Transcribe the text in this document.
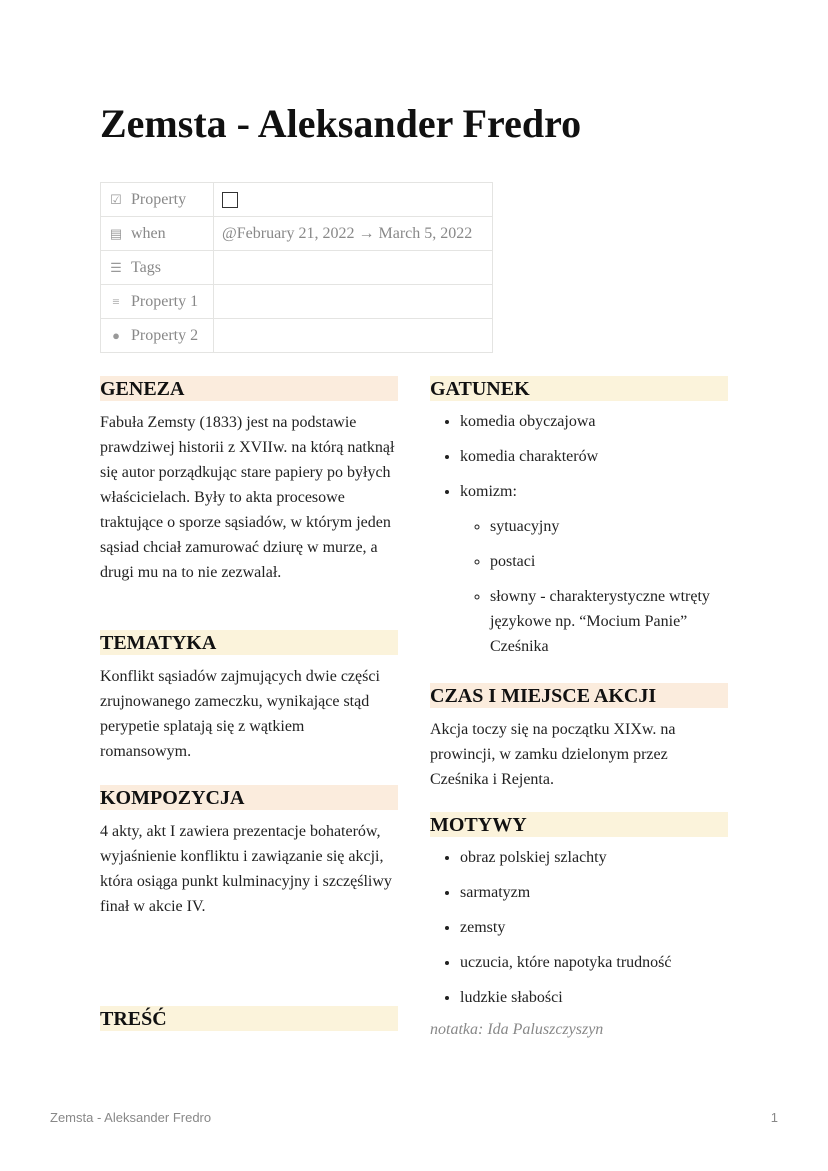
Zemsta - Aleksander Fredro
☑ Property	
▤ when	@February 21, 2022 → March 5, 2022
☰ Tags	
≡ Property 1	
● Property 2	
GENEZA
Fabuła Zemsty (1833) jest na podstawie prawdziwej historii z XVIIw. na którą natknął się autor porządkując stare papiery po byłych właścicielach. Były to akta procesowe traktujące o sporze sąsiadów, w którym jeden sąsiad chciał zamurować dziurę w murze, a drugi mu na to nie zezwalał.
TEMATYKA
Konflikt sąsiadów zajmujących dwie części zrujnowanego zameczku, wynikające stąd perypetie splatają się z wątkiem romansowym.
KOMPOZYCJA
4 akty, akt I zawiera prezentacje bohaterów, wyjaśnienie konfliktu i zawiązanie się akcji, która osiąga punkt kulminacyjny i szczęśliwy finał w akcie IV.
TREŚĆ
GATUNEK
• komedia obyczajowa
• komedia charakterów
• komizm:
◦ sytuacyjny
◦ postaci
◦ słowny - charakterystyczne wtręty językowe np. “Mocium Panie” Cześnika
CZAS I MIEJSCE AKCJI
Akcja toczy się na początku XIXw. na prowincji, w zamku dzielonym przez Cześnika i Rejenta.
MOTYWY
• obraz polskiej szlachty
• sarmatyzm
• zemsty
• uczucia, które napotyka trudność
• ludzkie słabości
notatka: Ida Paluszczyszyn
Zemsta - Aleksander Fredro	1
